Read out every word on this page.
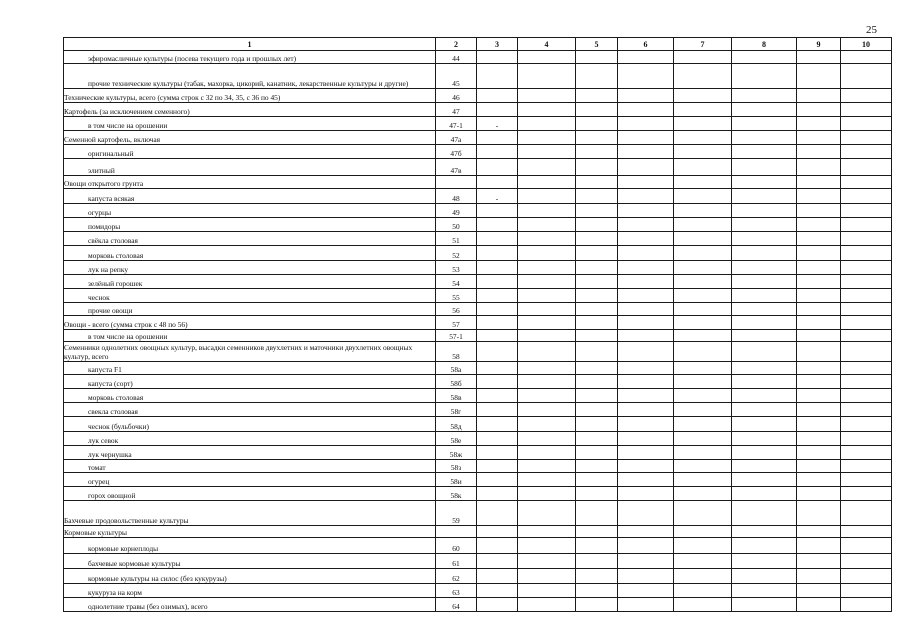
25
1	2	3	4	5	6	7	8	9	10
эфиромасличные культуры (посева текущего года и прошлых лет)	44								
прочие технические культуры (табак, махорка, цикорий, канатник, лекарственные культуры и другие)	45								
Технические культуры, всего (сумма строк с 32 по 34, 35, с 36 по 45)	46								
Картофель (за исключением семенного)	47								
в том числе на орошении	47-1	-							
Семенной картофель, включая	47а								
оригинальный	47б								
элитный	47в								
Овощи открытого грунта									
капуста всякая	48	-							
огурцы	49								
помидоры	50								
свёкла столовая	51								
морковь столовая	52								
лук на репку	53								
зелёный горошек	54								
чеснок	55								
прочие овощи	56								
Овощи - всего (сумма строк с 48 по 56)	57								
в том числе на орошении	57-1								
Семенники однолетних овощных культур, высадки семенников двухлетних и маточники двухлетних овощных культур, всего	58								
капуста F1	58а								
капуста (сорт)	58б								
морковь столовая	58в								
свекла столовая	58г								
чеснок (бульбочки)	58д								
лук севок	58е								
лук чернушка	58ж								
томат	58з								
огурец	58и								
горох овощной	58к								
Бахчевые продовольственные культуры	59								
Кормовые культуры									
кормовые корнеплоды	60								
бахчевые кормовые культуры	61								
кормовые культуры на силос (без кукурузы)	62								
кукуруза на корм	63								
однолетние травы (без озимых), всего	64								
